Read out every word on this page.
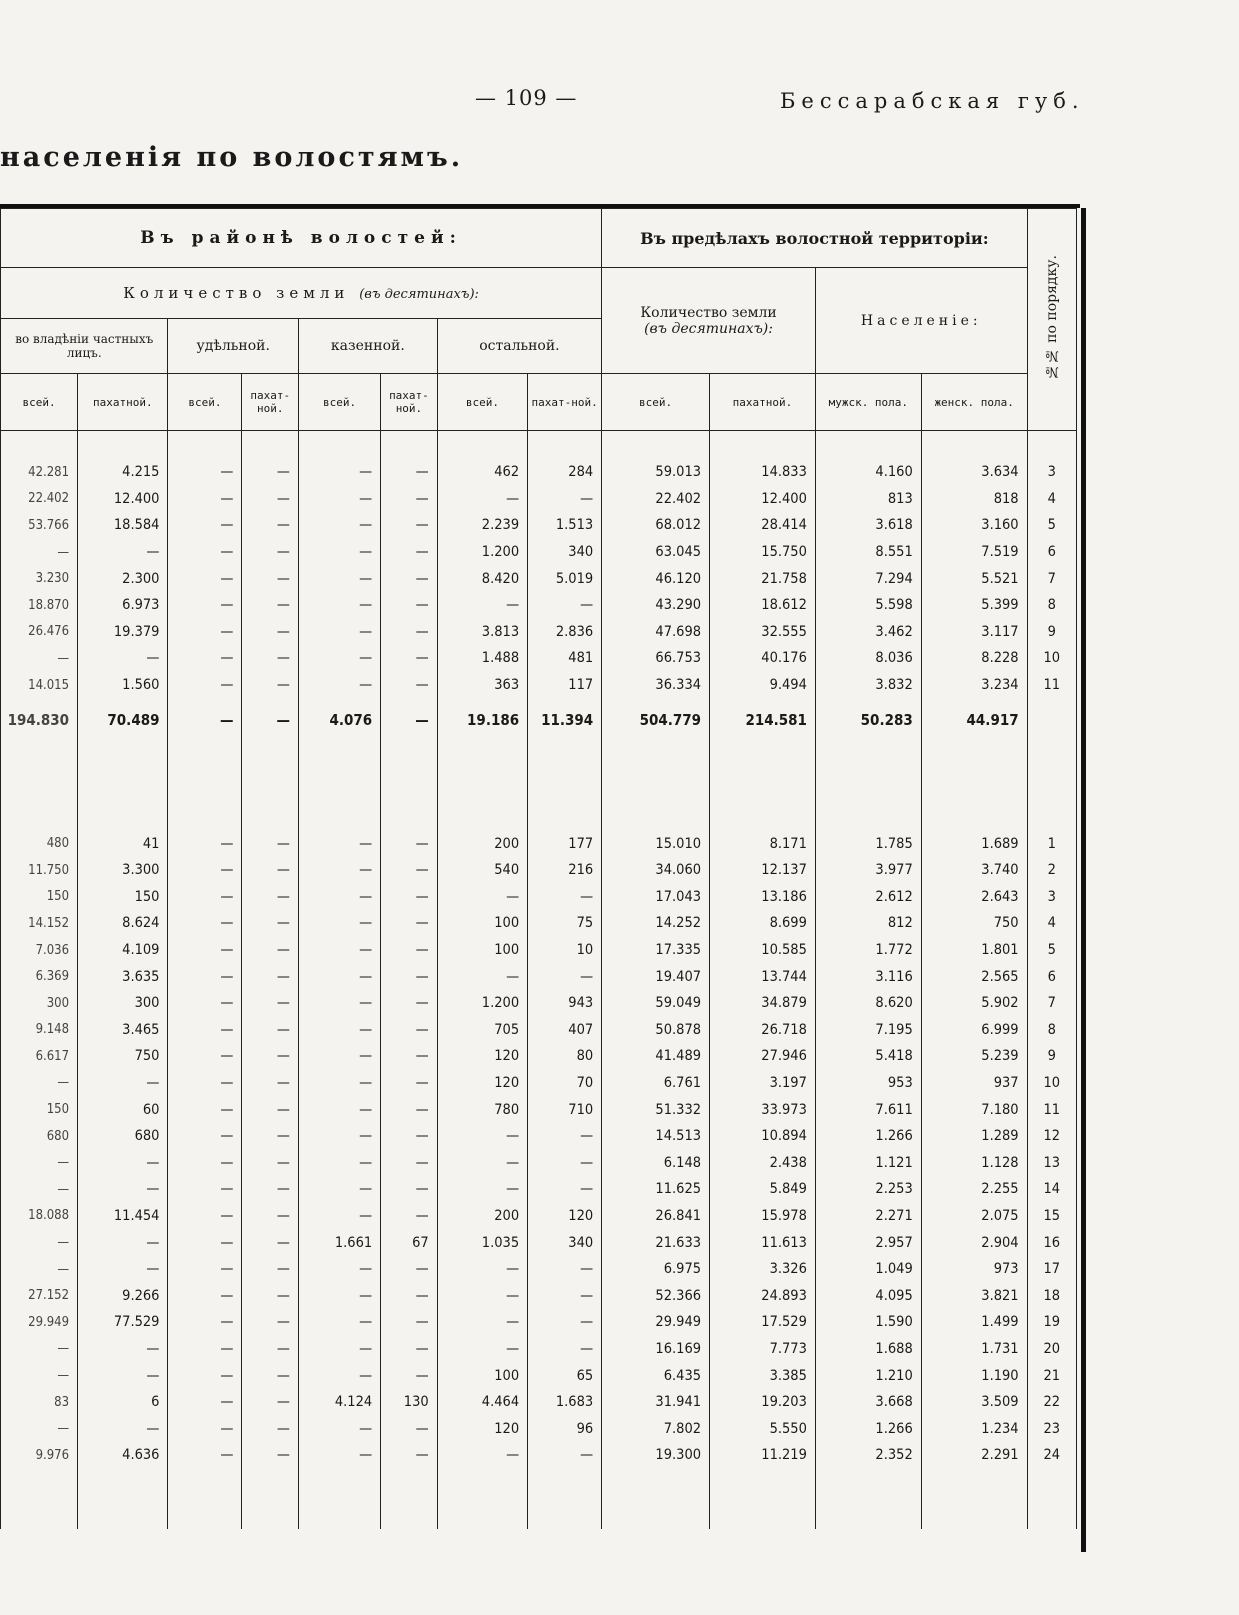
— 109 —	Бессарабская губ.
населенія по волостямъ.
Въ районѣ волостей:								Въ предѣлахъ волостной территоріи:				№№ по порядку.
Количество земли (въ десятинахъ):								Количество земли
(въ десятинахъ):		Населеніе:		
во владѣніи частныхъ лицъ.		удѣльной.		казенной.		остальной.						
всей.	пахатной.	всей.	пахат-ной.	всей.	пахат-ной.	всей.	пахат-ной.	всей.	пахатной.	мужск. пола.	женск. пола.	

42.281	4.215	—	—	—	—	462	284	59.013	14.833	4.160	3.634	3
22.402	12.400	—	—	—	—	—	—	22.402	12.400	813	818	4
53.766	18.584	—	—	—	—	2.239	1.513	68.012	28.414	3.618	3.160	5
—	—	—	—	—	—	1.200	340	63.045	15.750	8.551	7.519	6
3.230	2.300	—	—	—	—	8.420	5.019	46.120	21.758	7.294	5.521	7
18.870	6.973	—	—	—	—	—	—	43.290	18.612	5.598	5.399	8
26.476	19.379	—	—	—	—	3.813	2.836	47.698	32.555	3.462	3.117	9
—	—	—	—	—	—	1.488	481	66.753	40.176	8.036	8.228	10
14.015	1.560	—	—	—	—	363	117	36.334	9.494	3.832	3.234	11
194.830	70.489	—	—	4.076	—	19.186	11.394	504.779	214.581	50.283	44.917	

480	41	—	—	—	—	200	177	15.010	8.171	1.785	1.689	1
11.750	3.300	—	—	—	—	540	216	34.060	12.137	3.977	3.740	2
150	150	—	—	—	—	—	—	17.043	13.186	2.612	2.643	3
14.152	8.624	—	—	—	—	100	75	14.252	8.699	812	750	4
7.036	4.109	—	—	—	—	100	10	17.335	10.585	1.772	1.801	5
6.369	3.635	—	—	—	—	—	—	19.407	13.744	3.116	2.565	6
300	300	—	—	—	—	1.200	943	59.049	34.879	8.620	5.902	7
9.148	3.465	—	—	—	—	705	407	50.878	26.718	7.195	6.999	8
6.617	750	—	—	—	—	120	80	41.489	27.946	5.418	5.239	9
—	—	—	—	—	—	120	70	6.761	3.197	953	937	10
150	60	—	—	—	—	780	710	51.332	33.973	7.611	7.180	11
680	680	—	—	—	—	—	—	14.513	10.894	1.266	1.289	12
—	—	—	—	—	—	—	—	6.148	2.438	1.121	1.128	13
—	—	—	—	—	—	—	—	11.625	5.849	2.253	2.255	14
18.088	11.454	—	—	—	—	200	120	26.841	15.978	2.271	2.075	15
—	—	—	—	1.661	67	1.035	340	21.633	11.613	2.957	2.904	16
—	—	—	—	—	—	—	—	6.975	3.326	1.049	973	17
27.152	9.266	—	—	—	—	—	—	52.366	24.893	4.095	3.821	18
29.949	77.529	—	—	—	—	—	—	29.949	17.529	1.590	1.499	19
—	—	—	—	—	—	—	—	16.169	7.773	1.688	1.731	20
—	—	—	—	—	—	100	65	6.435	3.385	1.210	1.190	21
83	6	—	—	4.124	130	4.464	1.683	31.941	19.203	3.668	3.509	22
—	—	—	—	—	—	120	96	7.802	5.550	1.266	1.234	23
9.976	4.636	—	—	—	—	—	—	19.300	11.219	2.352	2.291	24
